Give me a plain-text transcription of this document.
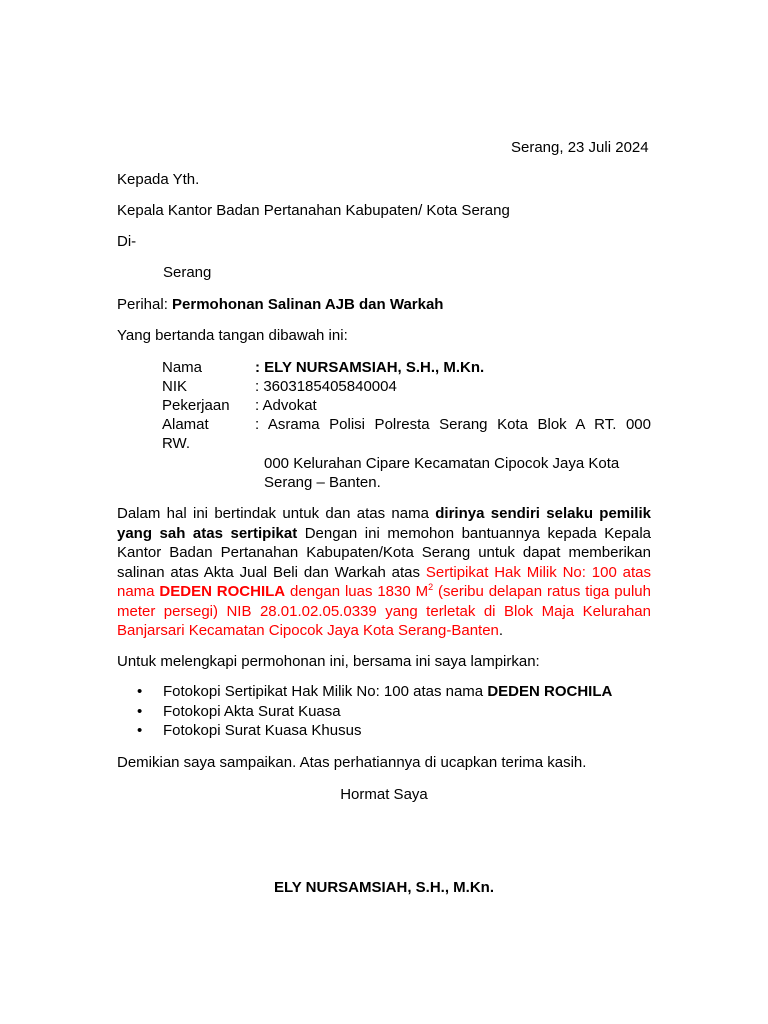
Serang, 23 Juli 2024
Kepada Yth.
Kepala Kantor Badan Pertanahan Kabupaten/ Kota Serang
Di-
Serang
Perihal: Permohonan Salinan AJB dan Warkah
Yang bertanda tangan dibawah ini:
Nama	: ELY NURSAMSIAH, S.H., M.Kn.
NIK	: 3603185405840004
Pekerjaan : Advokat
Alamat	: Asrama Polisi Polresta Serang Kota Blok A RT. 000
RW.
000 Kelurahan Cipare Kecamatan Cipocok Jaya Kota
Serang – Banten.
Dalam hal ini bertindak untuk dan atas nama dirinya sendiri selaku pemilik yang sah atas sertipikat Dengan ini memohon bantuannya kepada Kepala Kantor Badan Pertanahan Kabupaten/Kota Serang untuk dapat memberikan salinan atas Akta Jual Beli dan Warkah atas Sertipikat Hak Milik No: 100 atas nama DEDEN ROCHILA dengan luas 1830 $M^2$ (seribu delapan ratus tiga puluh meter persegi) NIB 28.01.02.05.0339 yang terletak di Blok Maja Kelurahan Banjarsari Kecamatan Cipocok Jaya Kota Serang-Banten.
Untuk melengkapi permohonan ini, bersama ini saya lampirkan:
• Fotokopi Sertipikat Hak Milik No: 100 atas nama DEDEN ROCHILA
• Fotokopi Akta Surat Kuasa
• Fotokopi Surat Kuasa Khusus
Demikian saya sampaikan. Atas perhatiannya di ucapkan terima kasih.
Hormat Saya
ELY NURSAMSIAH, S.H., M.Kn.
